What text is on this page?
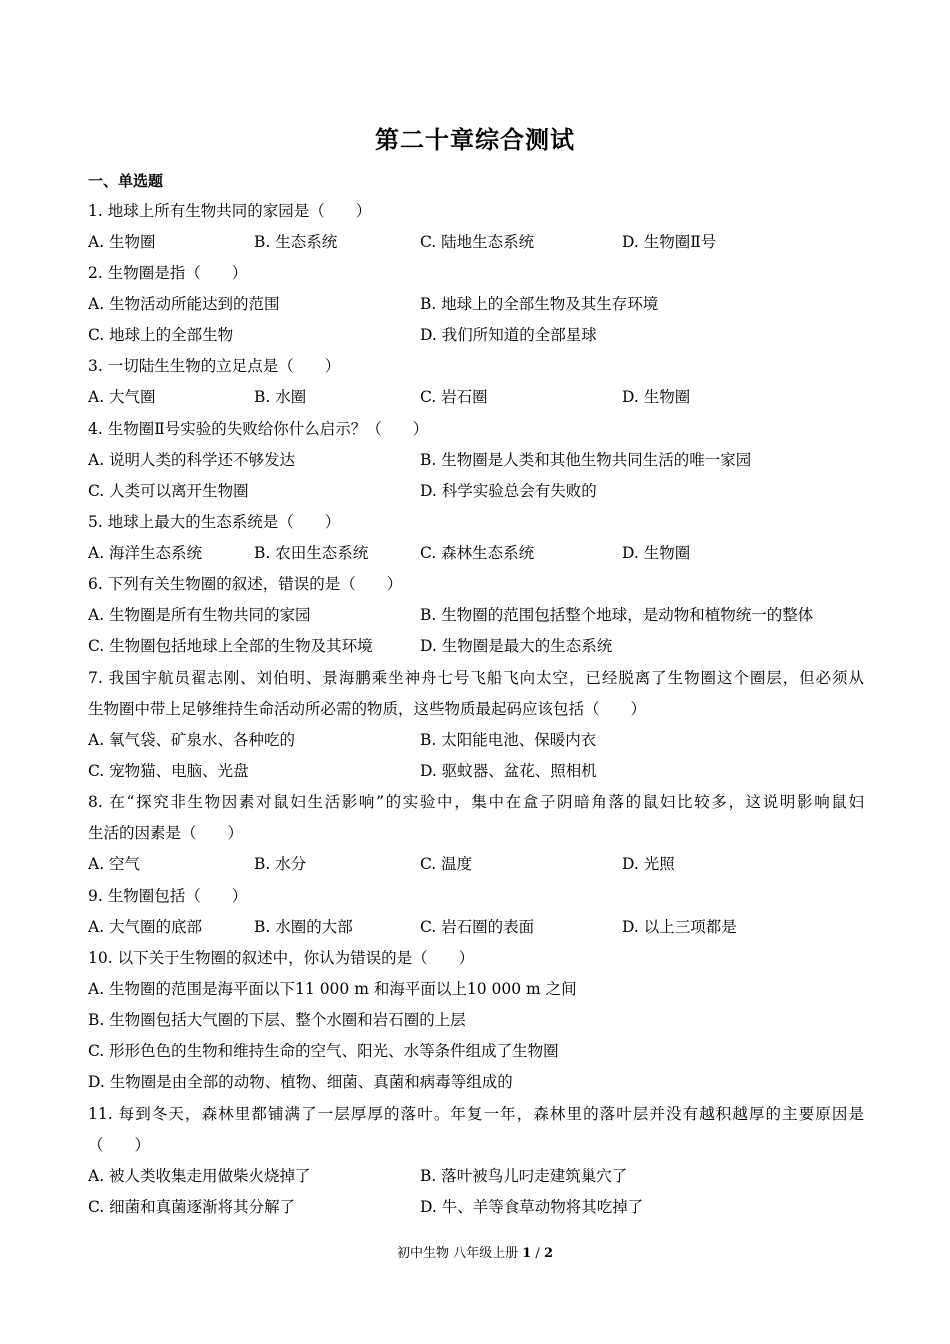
第二十章综合测试
一、单选题
1. 地球上所有生物共同的家园是（　　）
A. 生物圈	B. 生态系统	C. 陆地生态系统	D. 生物圈Ⅱ号
2. 生物圈是指（　　）
A. 生物活动所能达到的范围	B. 地球上的全部生物及其生存环境
C. 地球上的全部生物	D. 我们所知道的全部星球
3. 一切陆生生物的立足点是（　　）
A. 大气圈	B. 水圈	C. 岩石圈	D. 生物圈
4. 生物圈Ⅱ号实验的失败给你什么启示？（　　）
A. 说明人类的科学还不够发达	B. 生物圈是人类和其他生物共同生活的唯一家园
C. 人类可以离开生物圈	D. 科学实验总会有失败的
5. 地球上最大的生态系统是（　　）
A. 海洋生态系统	B. 农田生态系统	C. 森林生态系统	D. 生物圈
6. 下列有关生物圈的叙述，错误的是（　　）
A. 生物圈是所有生物共同的家园	B. 生物圈的范围包括整个地球，是动物和植物统一的整体
C. 生物圈包括地球上全部的生物及其环境	D. 生物圈是最大的生态系统
7. 我国宇航员翟志刚、刘伯明、景海鹏乘坐神舟七号飞船飞向太空，已经脱离了生物圈这个圈层，但必须从
生物圈中带上足够维持生命活动所必需的物质，这些物质最起码应该包括（　　）
A. 氧气袋、矿泉水、各种吃的	B. 太阳能电池、保暖内衣
C. 宠物猫、电脑、光盘	D. 驱蚊器、盆花、照相机
8. 在“探究非生物因素对鼠妇生活影响”的实验中，集中在盒子阴暗角落的鼠妇比较多，这说明影响鼠妇
生活的因素是（　　）
A. 空气	B. 水分	C. 温度	D. 光照
9. 生物圈包括（　　）
A. 大气圈的底部	B. 水圈的大部	C. 岩石圈的表面	D. 以上三项都是
10. 以下关于生物圈的叙述中，你认为错误的是（　　）
A. 生物圈的范围是海平面以下11 000 m 和海平面以上10 000 m 之间
B. 生物圈包括大气圈的下层、整个水圈和岩石圈的上层
C. 形形色色的生物和维持生命的空气、阳光、水等条件组成了生物圈
D. 生物圈是由全部的动物、植物、细菌、真菌和病毒等组成的
11. 每到冬天，森林里都铺满了一层厚厚的落叶。年复一年，森林里的落叶层并没有越积越厚的主要原因是
（　　）
A. 被人类收集走用做柴火烧掉了	B. 落叶被鸟儿叼走建筑巢穴了
C. 细菌和真菌逐渐将其分解了	D. 牛、羊等食草动物将其吃掉了
初中生物 八年级上册 1 / 2
